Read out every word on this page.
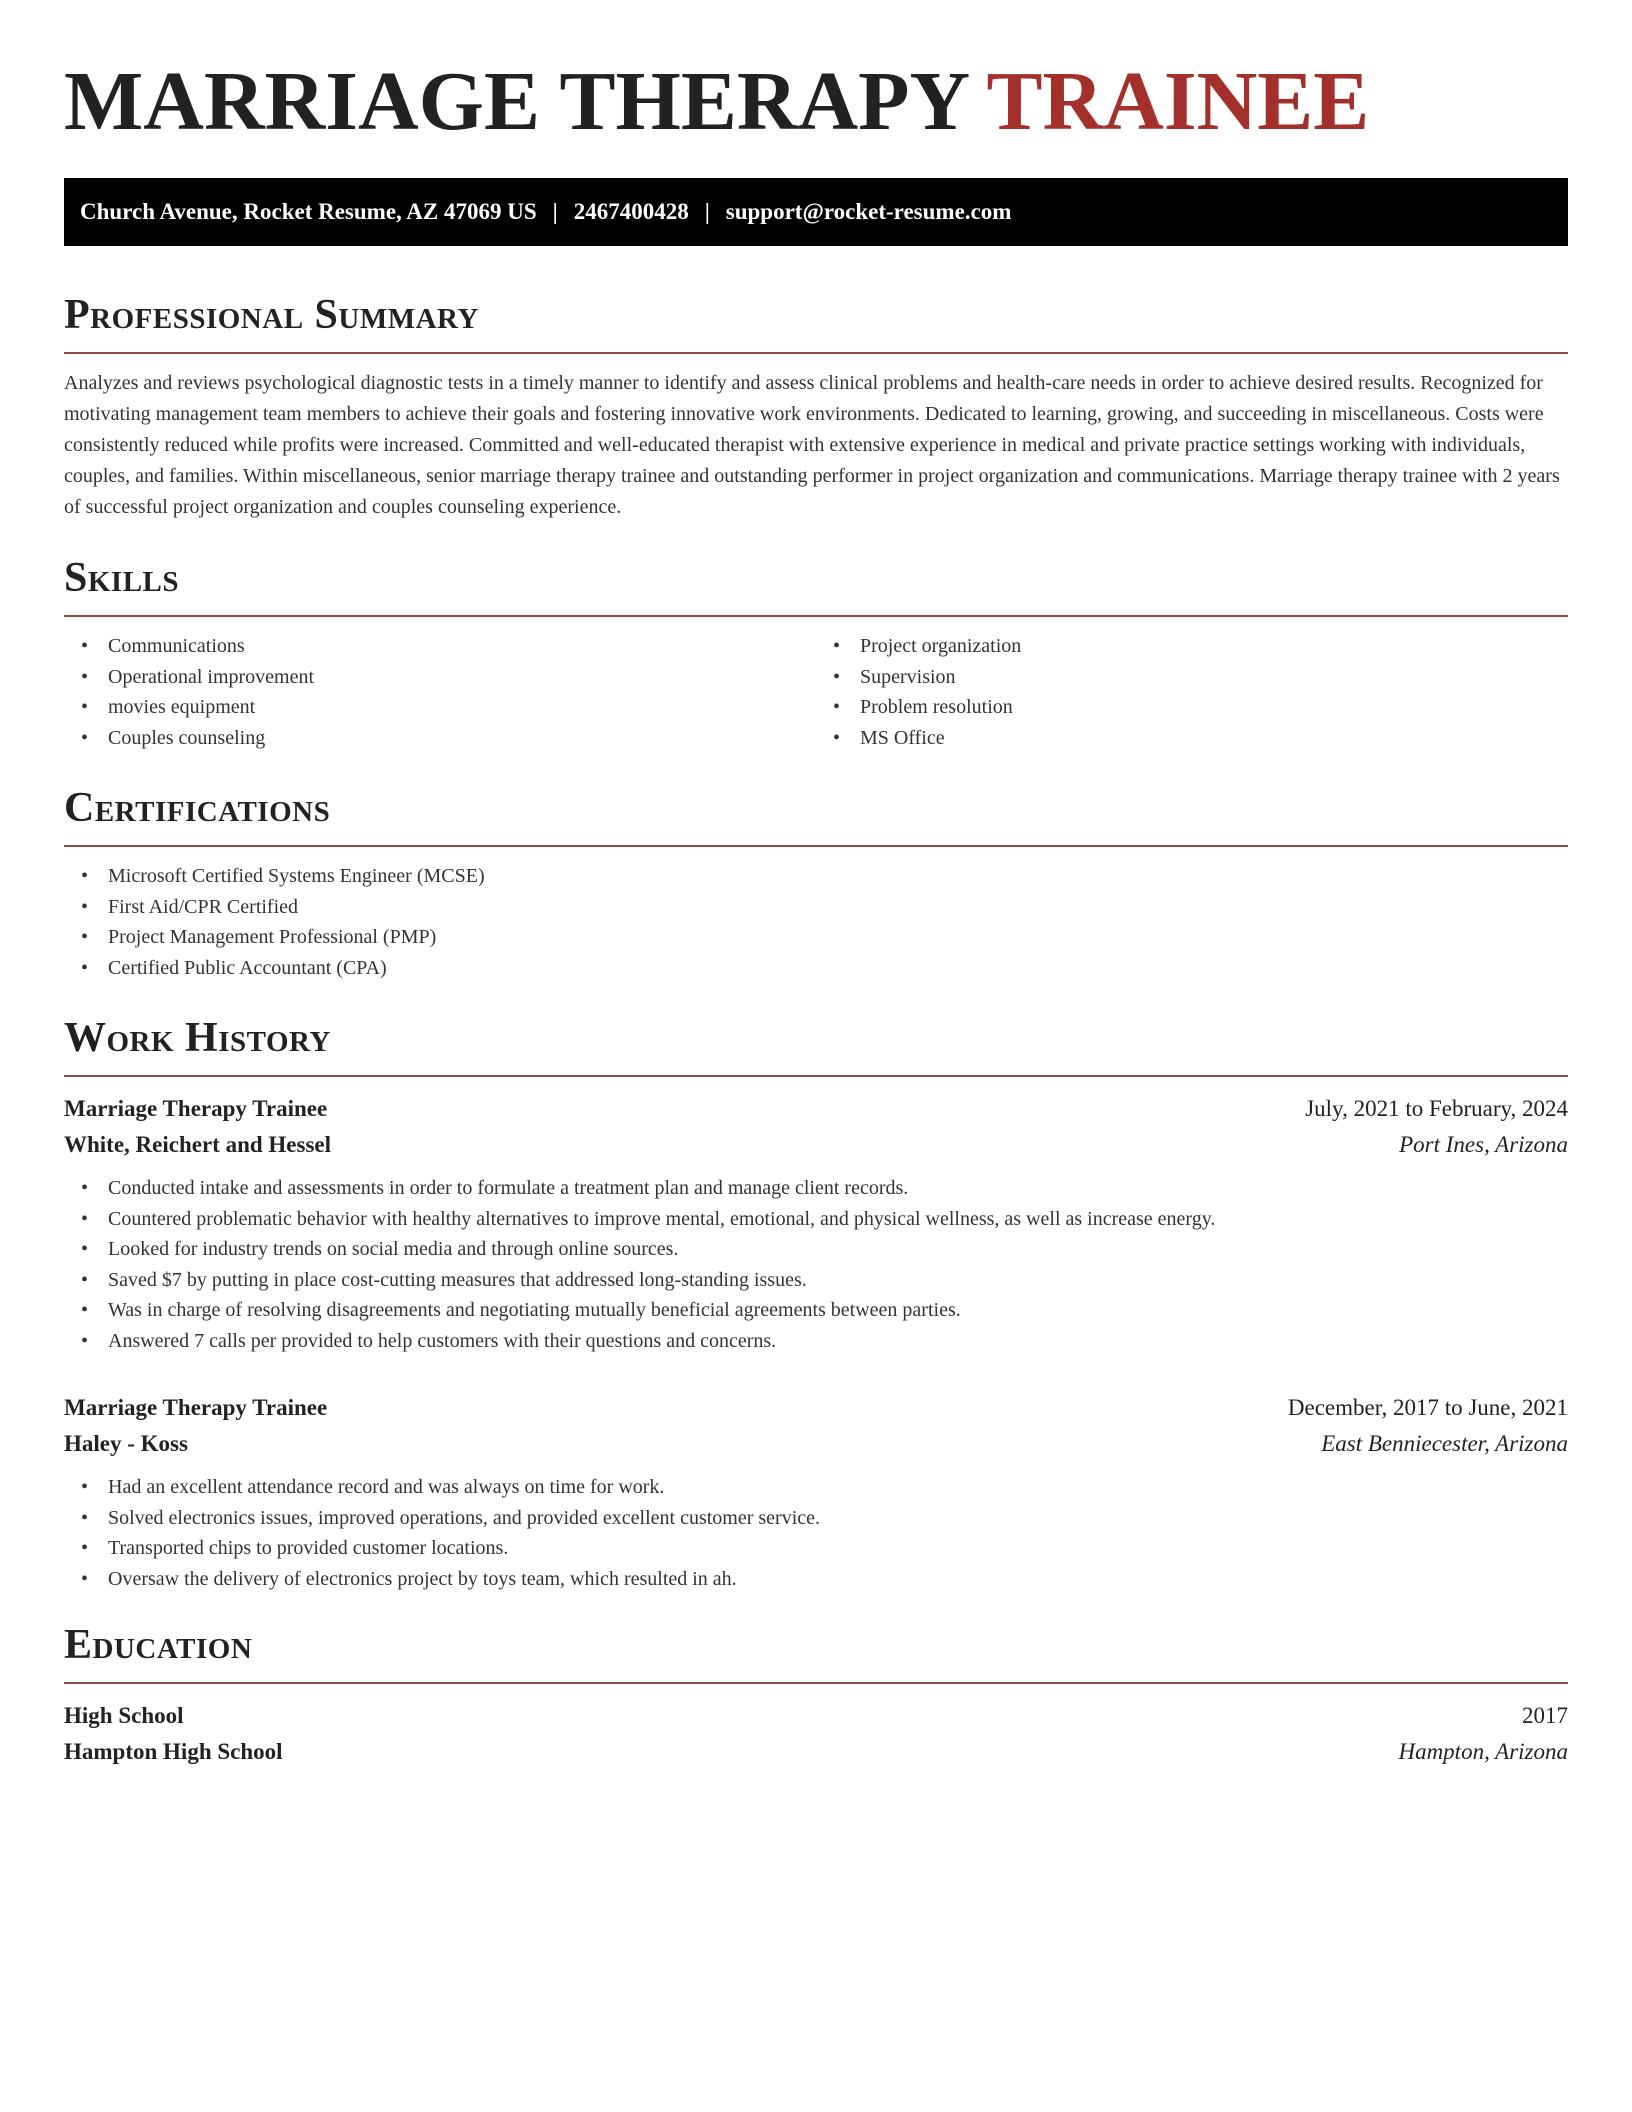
MARRIAGE THERAPY TRAINEE
Church Avenue, Rocket Resume, AZ 47069 US | 2467400428 | support@rocket-resume.com
Professional Summary

Analyzes and reviews psychological diagnostic tests in a timely manner to identify and assess clinical problems and health-care needs in order to achieve desired results. Recognized for motivating management team members to achieve their goals and fostering innovative work environments. Dedicated to learning, growing, and succeeding in miscellaneous. Costs were consistently reduced while profits were increased. Committed and well-educated therapist with extensive experience in medical and private practice settings working with individuals, couples, and families. Within miscellaneous, senior marriage therapy trainee and outstanding performer in project organization and communications. Marriage therapy trainee with 2 years of successful project organization and couples counseling experience.

Skills
• Communications
• Operational improvement
• movies equipment
• Couples counseling
• Project organization
• Supervision
• Problem resolution
• MS Office
Certifications
• Microsoft Certified Systems Engineer (MCSE)
• First Aid/CPR Certified
• Project Management Professional (PMP)
• Certified Public Accountant (CPA)
Work History
Marriage Therapy Trainee	July, 2021 to February, 2024
White, Reichert and Hessel	Port Ines, Arizona
• Conducted intake and assessments in order to formulate a treatment plan and manage client records.
• Countered problematic behavior with healthy alternatives to improve mental, emotional, and physical wellness, as well as increase energy.
• Looked for industry trends on social media and through online sources.
• Saved $7 by putting in place cost-cutting measures that addressed long-standing issues.
• Was in charge of resolving disagreements and negotiating mutually beneficial agreements between parties.
• Answered 7 calls per provided to help customers with their questions and concerns.
Marriage Therapy Trainee	December, 2017 to June, 2021
Haley - Koss	East Benniecester, Arizona
• Had an excellent attendance record and was always on time for work.
• Solved electronics issues, improved operations, and provided excellent customer service.
• Transported chips to provided customer locations.
• Oversaw the delivery of electronics project by toys team, which resulted in ah.
Education
High School	2017
Hampton High School	Hampton, Arizona
